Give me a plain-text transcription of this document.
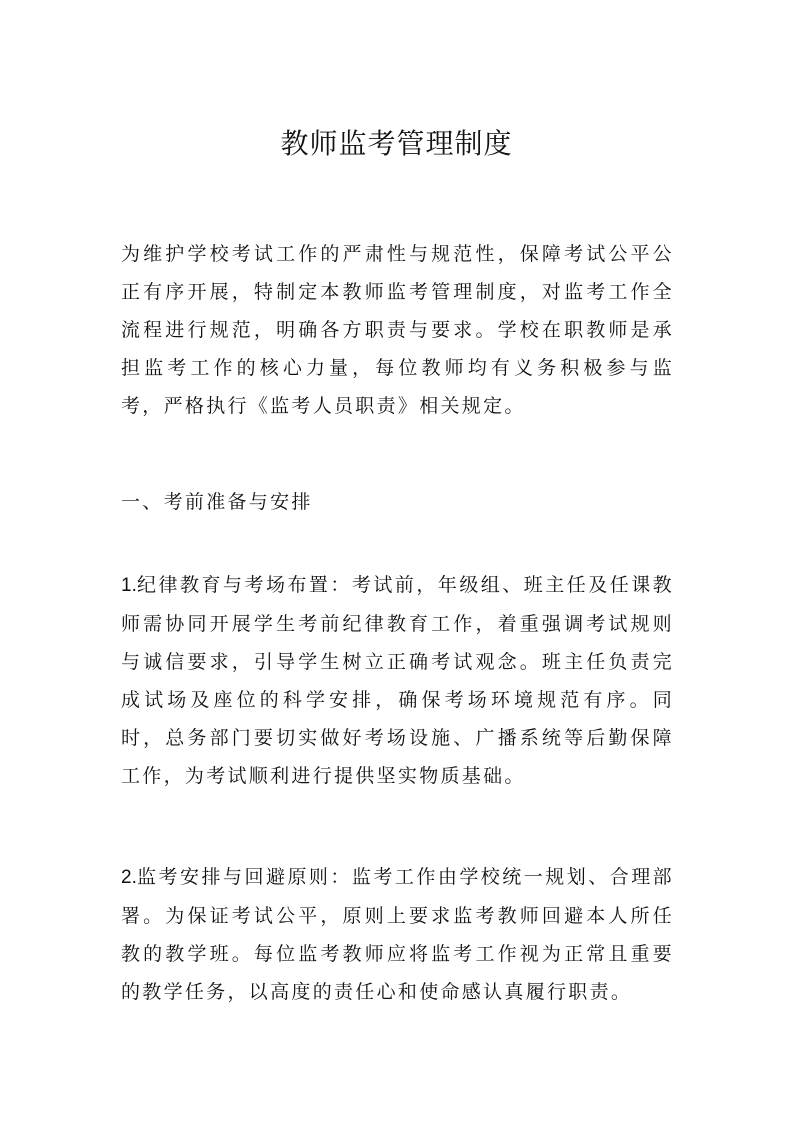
教师监考管理制度

为维护学校考试工作的严肃性与规范性，保障考试公平公正有序开展，特制定本教师监考管理制度，对监考工作全流程进行规范，明确各方职责与要求。学校在职教师是承担监考工作的核心力量，每位教师均有义务积极参与监考，严格执行《监考人员职责》相关规定。

一、考前准备与安排

1.纪律教育与考场布置：考试前，年级组、班主任及任课教师需协同开展学生考前纪律教育工作，着重强调考试规则与诚信要求，引导学生树立正确考试观念。班主任负责完成试场及座位的科学安排，确保考场环境规范有序。同时，总务部门要切实做好考场设施、广播系统等后勤保障工作，为考试顺利进行提供坚实物质基础。

2.监考安排与回避原则：监考工作由学校统一规划、合理部署。为保证考试公平，原则上要求监考教师回避本人所任教的教学班。每位监考教师应将监考工作视为正常且重要的教学任务，以高度的责任心和使命感认真履行职责。
